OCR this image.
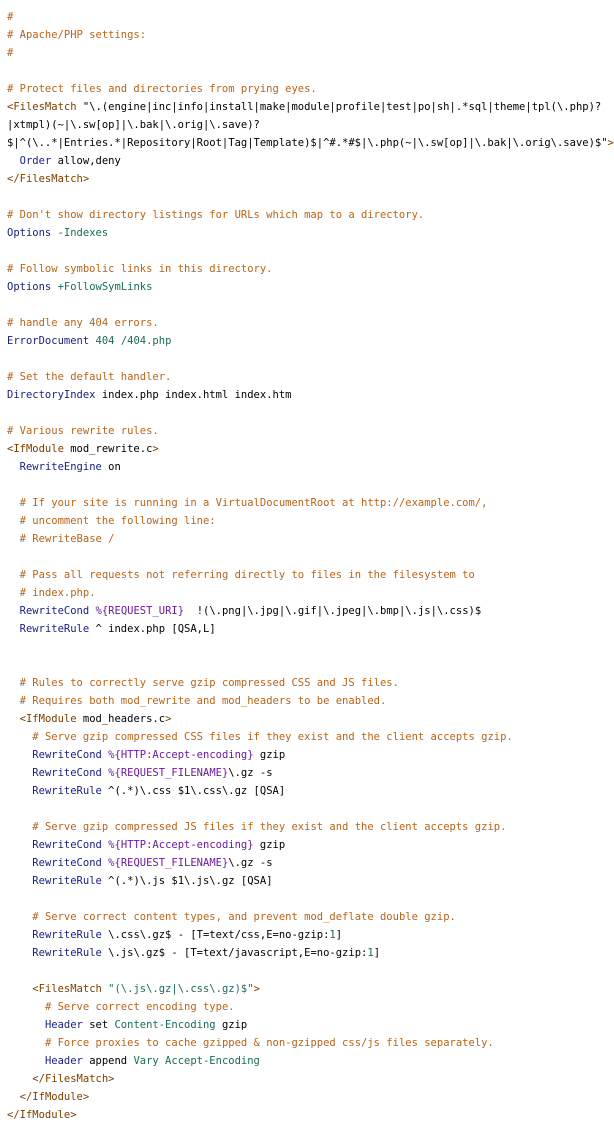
#
# Apache/PHP settings:
#

# Protect files and directories from prying eyes.
<FilesMatch "\.(engine|inc|info|install|make|module|profile|test|po|sh|.*sql|theme|tpl(\.php)?
|xtmpl)(~|\.sw[op]|\.bak|\.orig|\.save)?
$|^(\..*|Entries.*|Repository|Root|Tag|Template)$|^#.*#$|\.php(~|\.sw[op]|\.bak|\.orig\.save)$">
Order allow,deny
</FilesMatch>

# Don't show directory listings for URLs which map to a directory.
Options -Indexes

# Follow symbolic links in this directory.
Options +FollowSymLinks

# handle any 404 errors.
ErrorDocument 404 /404.php

# Set the default handler.
DirectoryIndex index.php index.html index.htm

# Various rewrite rules.
<IfModule mod_rewrite.c>
RewriteEngine on

# If your site is running in a VirtualDocumentRoot at http://example.com/,
# uncomment the following line:
# RewriteBase /

# Pass all requests not referring directly to files in the filesystem to
# index.php.
RewriteCond %{REQUEST_URI}  !(\.png|\.jpg|\.gif|\.jpeg|\.bmp|\.js|\.css)$
RewriteRule ^ index.php [QSA,L]

# Rules to correctly serve gzip compressed CSS and JS files.
# Requires both mod_rewrite and mod_headers to be enabled.
<IfModule mod_headers.c>
# Serve gzip compressed CSS files if they exist and the client accepts gzip.
RewriteCond %{HTTP:Accept-encoding} gzip
RewriteCond %{REQUEST_FILENAME}\.gz -s
RewriteRule ^(.*)\.css $1\.css\.gz [QSA]

# Serve gzip compressed JS files if they exist and the client accepts gzip.
RewriteCond %{HTTP:Accept-encoding} gzip
RewriteCond %{REQUEST_FILENAME}\.gz -s
RewriteRule ^(.*)\.js $1\.js\.gz [QSA]

# Serve correct content types, and prevent mod_deflate double gzip.
RewriteRule \.css\.gz$ - [T=text/css,E=no-gzip:1]
RewriteRule \.js\.gz$ - [T=text/javascript,E=no-gzip:1]

<FilesMatch "(\.js\.gz|\.css\.gz)$">
# Serve correct encoding type.
Header set Content-Encoding gzip
# Force proxies to cache gzipped & non-gzipped css/js files separately.
Header append Vary Accept-Encoding
</FilesMatch>
</IfModule>
</IfModule>
